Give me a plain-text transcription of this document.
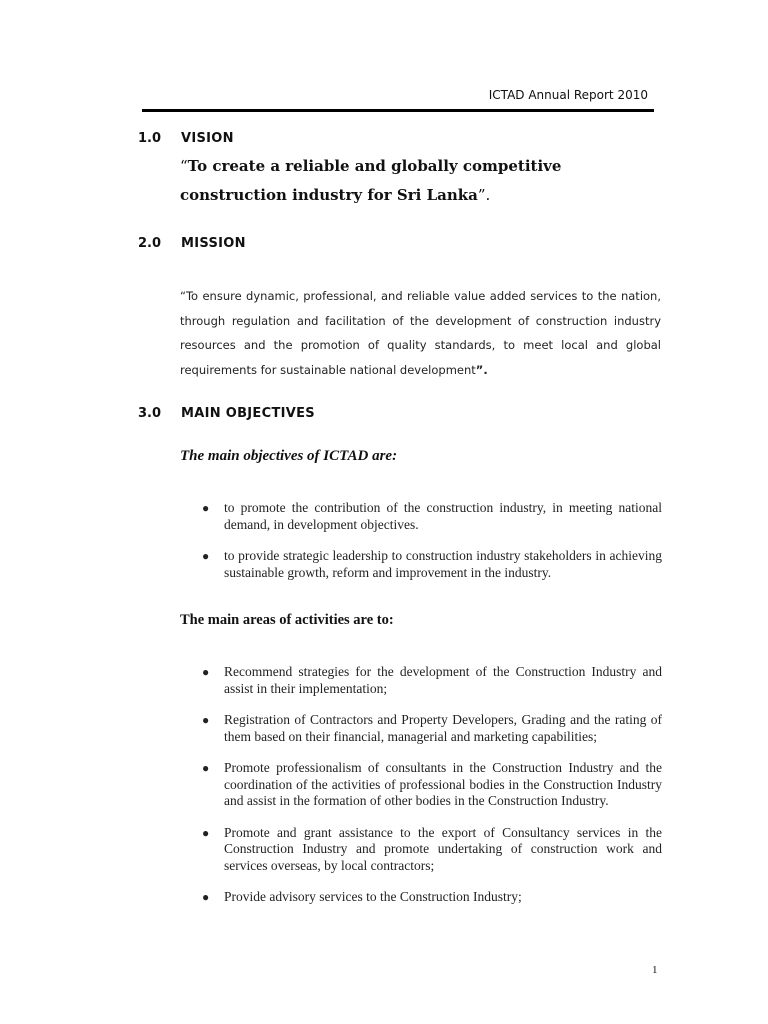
ICTAD Annual Report 2010
1.0 VISION

“To create a reliable and globally competitive construction industry for Sri Lanka”.

2.0 MISSION

“To ensure dynamic, professional, and reliable value added services to the nation, through regulation and facilitation of the development of construction industry resources and the promotion of quality standards, to meet local and global requirements for sustainable national development”.

3.0 MAIN OBJECTIVES

The main objectives of ICTAD are:

● to promote the contribution of the construction industry, in meeting national demand, in development objectives.
● to provide strategic leadership to construction industry stakeholders in achieving sustainable growth, reform and improvement in the industry.

The main areas of activities are to:

● Recommend strategies for the development of the Construction Industry and assist in their implementation;
● Registration of Contractors and Property Developers, Grading and the rating of them based on their financial, managerial and marketing capabilities;
● Promote professionalism of consultants in the Construction Industry and the coordination of the activities of professional bodies in the Construction Industry and assist in the formation of other bodies in the Construction Industry.
● Promote and grant assistance to the export of Consultancy services in the Construction Industry and promote undertaking of construction work and services overseas, by local contractors;
● Provide advisory services to the Construction Industry;
1
